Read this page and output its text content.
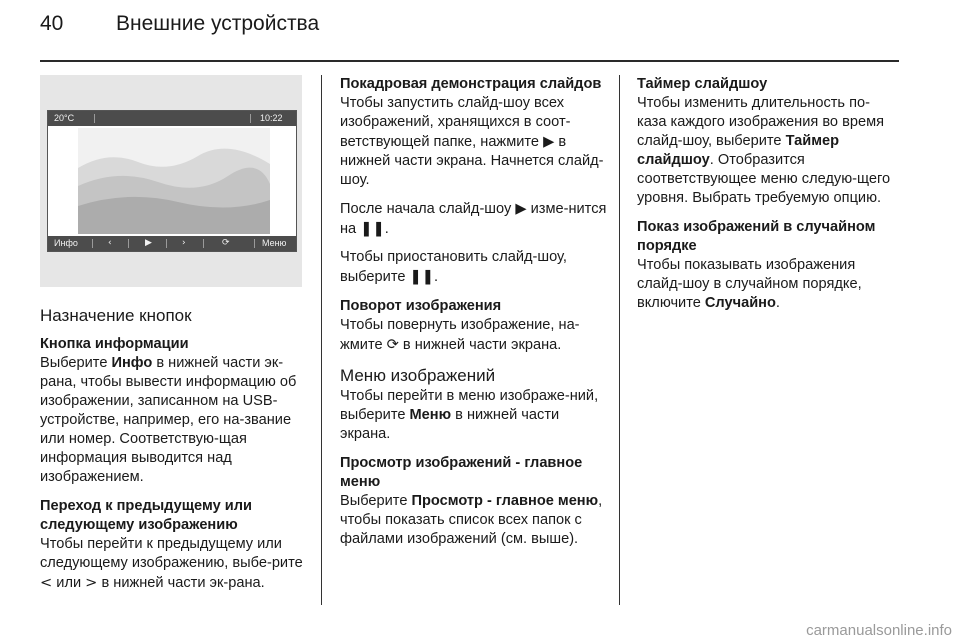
40	Внешние устройства
20°C	10:22
Инфо	‹	▶	›	⟳	Меню
Назначение кнопок
Кнопка информации

Выберите Инфо в нижней части эк-рана, чтобы вывести информацию об изображении, записанном на USB-устройстве, например, его на-звание или номер. Соответствую-щая информация выводится над изображением.

Переход к предыдущему или следующему изображению

Чтобы перейти к предыдущему или следующему изображению, выбе-рите < или > в нижней части эк-рана.

Покадровая демонстрация слайдов

Чтобы запустить слайд-шоу всех изображений, хранящихся в соот-ветствующей папке, нажмите ▶ в нижней части экрана. Начнется слайд-шоу.

После начала слайд-шоу ▶ изме-нится на ❚❚.

Чтобы приостановить слайд-шоу, выберите ❚❚.

Поворот изображения

Чтобы повернуть изображение, на-жмите ⟳ в нижней части экрана.

Меню изображений

Чтобы перейти в меню изображе-ний, выберите Меню в нижней части экрана.

Просмотр изображений - главное меню

Выберите Просмотр - главное меню, чтобы показать список всех папок с файлами изображений (см. выше).

Таймер слайдшоу

Чтобы изменить длительность по-каза каждого изображения во время слайд-шоу, выберите Таймер слайдшоу. Отобразится соответствующее меню следую-щего уровня. Выбрать требуемую опцию.

Показ изображений в случайном порядке

Чтобы показывать изображения слайд-шоу в случайном порядке, включите Случайно.

carmanualsonline.info
